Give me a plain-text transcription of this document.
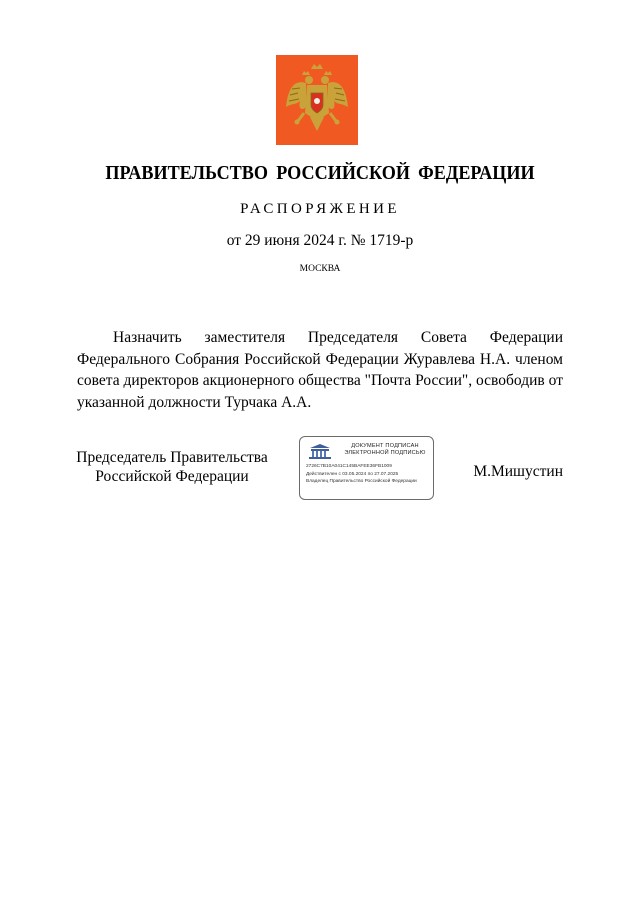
ПРАВИТЕЛЬСТВО РОССИЙСКОЙ ФЕДЕРАЦИИ
РАСПОРЯЖЕНИЕ
от 29 июня 2024 г. № 1719-р
МОСКВА
Назначить заместителя Председателя Совета Федерации Федерального Собрания Российской Федерации Журавлева Н.А. членом совета директоров акционерного общества "Почта России", освободив от указанной должности Турчака А.А.
Председатель Правительства
Российской Федерации
ДОКУМЕНТ ПОДПИСАН
ЭЛЕКТРОННОЙ ПОДПИСЬЮ
2726C7B10A041C145BAFEE36FB1009
Действителен с 03.05.2024 по 27.07.2025
Владелец Правительство Российской Федерации
М.Мишустин
